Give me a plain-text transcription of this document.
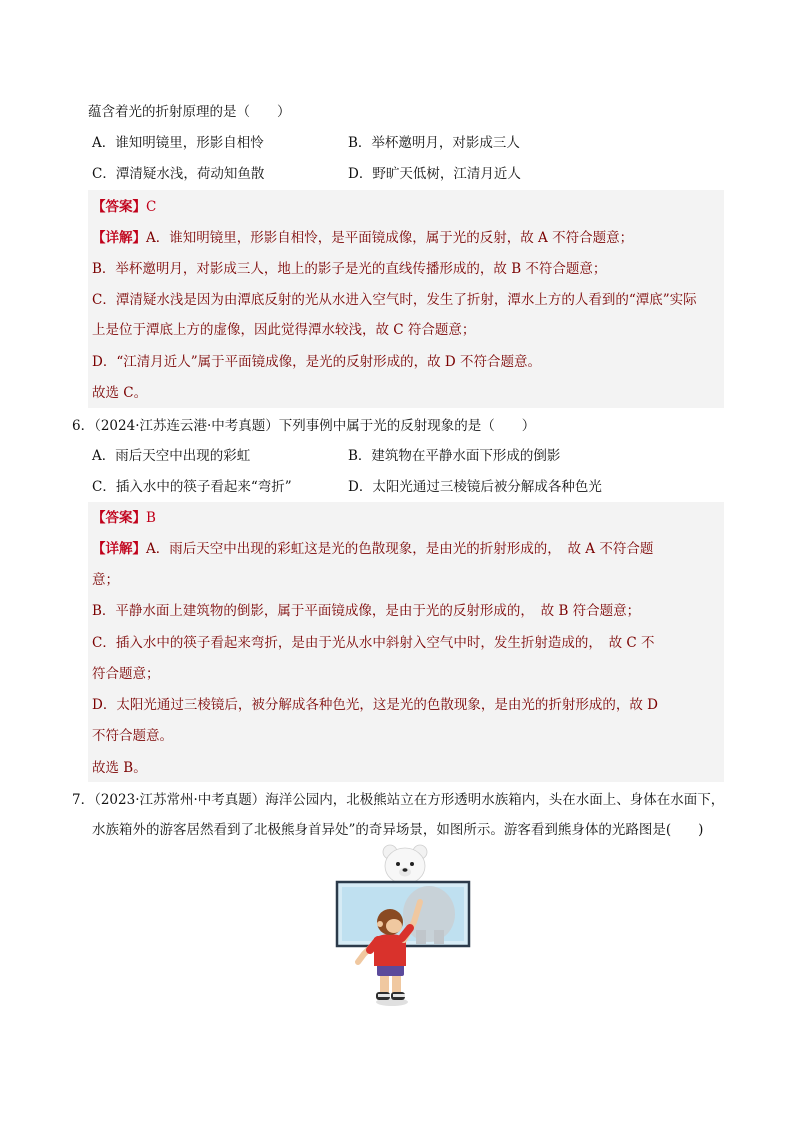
蕴含着光的折射原理的是（　　）
A．谁知明镜里，形影自相怜	B．举杯邀明月，对影成三人
C．潭清疑水浅，荷动知鱼散	D．野旷天低树，江清月近人
【答案】C
【详解】A．谁知明镜里，形影自相怜，是平面镜成像，属于光的反射，故 A 不符合题意；
B．举杯邀明月，对影成三人，地上的影子是光的直线传播形成的，故 B 不符合题意；
C．潭清疑水浅是因为由潭底反射的光从水进入空气时，发生了折射，潭水上方的人看到的“潭底”实际
上是位于潭底上方的虚像，因此觉得潭水较浅，故 C 符合题意；
D．“江清月近人”属于平面镜成像，是光的反射形成的，故 D 不符合题意。
故选 C。
6．（2024·江苏连云港·中考真题）下列事例中属于光的反射现象的是（　　）
A．雨后天空中出现的彩虹	B．建筑物在平静水面下形成的倒影
C．插入水中的筷子看起来“弯折”	D．太阳光通过三棱镜后被分解成各种色光
【答案】B
【详解】A．雨后天空中出现的彩虹这是光的色散现象，是由光的折射形成的，　故 A 不符合题
意；
B．平静水面上建筑物的倒影，属于平面镜成像，是由于光的反射形成的，　故 B 符合题意；
C．插入水中的筷子看起来弯折，是由于光从水中斜射入空气中时，发生折射造成的，　故 C 不
符合题意；
D．太阳光通过三棱镜后，被分解成各种色光，这是光的色散现象，是由光的折射形成的，故 D
不符合题意。
故选 B。
7．（2023·江苏常州·中考真题）海洋公园内，北极熊站立在方形透明水族箱内，头在水面上、身体在水面下，
水族箱外的游客居然看到了北极熊身首异处”的奇异场景，如图所示。游客看到熊身体的光路图是(　　)
